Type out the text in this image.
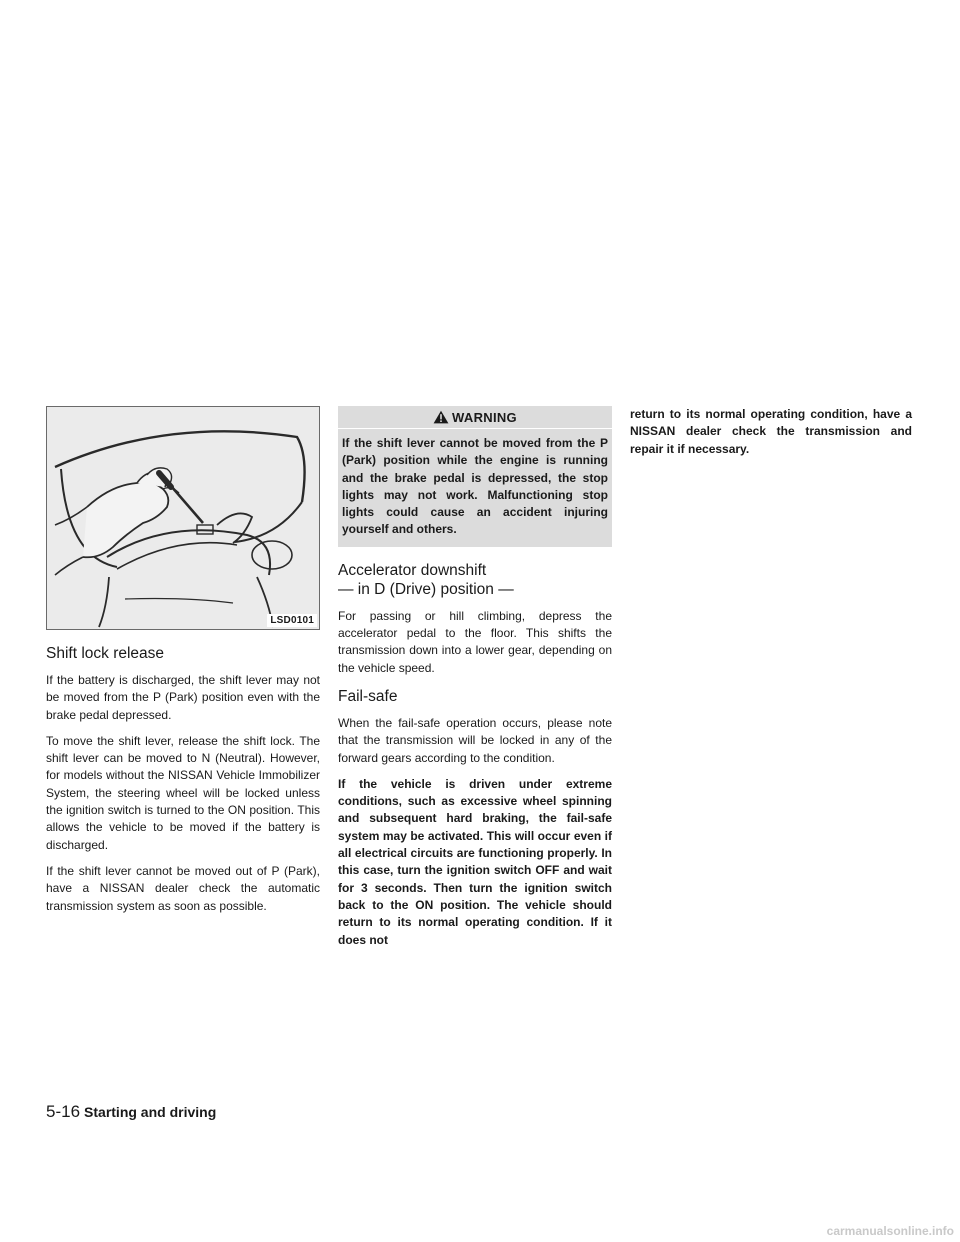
LSD0101
Shift lock release

If the battery is discharged, the shift lever may not be moved from the P (Park) position even with the brake pedal depressed.

To move the shift lever, release the shift lock. The shift lever can be moved to N (Neutral). However, for models without the NISSAN Vehicle Immobilizer System, the steering wheel will be locked unless the ignition switch is turned to the ON position. This allows the vehicle to be moved if the battery is discharged.

If the shift lever cannot be moved out of P (Park), have a NISSAN dealer check the automatic transmission system as soon as possible.

WARNING
If the shift lever cannot be moved from the P (Park) position while the engine is running and the brake pedal is depressed, the stop lights may not work. Malfunctioning stop lights could cause an accident injuring yourself and others.
Accelerator downshift
— in D (Drive) position —

For passing or hill climbing, depress the accelerator pedal to the floor. This shifts the transmission down into a lower gear, depending on the vehicle speed.

Fail-safe

When the fail-safe operation occurs, please note that the transmission will be locked in any of the forward gears according to the condition.

If the vehicle is driven under extreme conditions, such as excessive wheel spinning and subsequent hard braking, the fail-safe system may be activated. This will occur even if all electrical circuits are functioning properly. In this case, turn the ignition switch OFF and wait for 3 seconds. Then turn the ignition switch back to the ON position. The vehicle should return to its normal operating condition. If it does not

return to its normal operating condition, have a NISSAN dealer check the transmission and repair it if necessary.

5-16 Starting and driving
carmanualsonline.info
